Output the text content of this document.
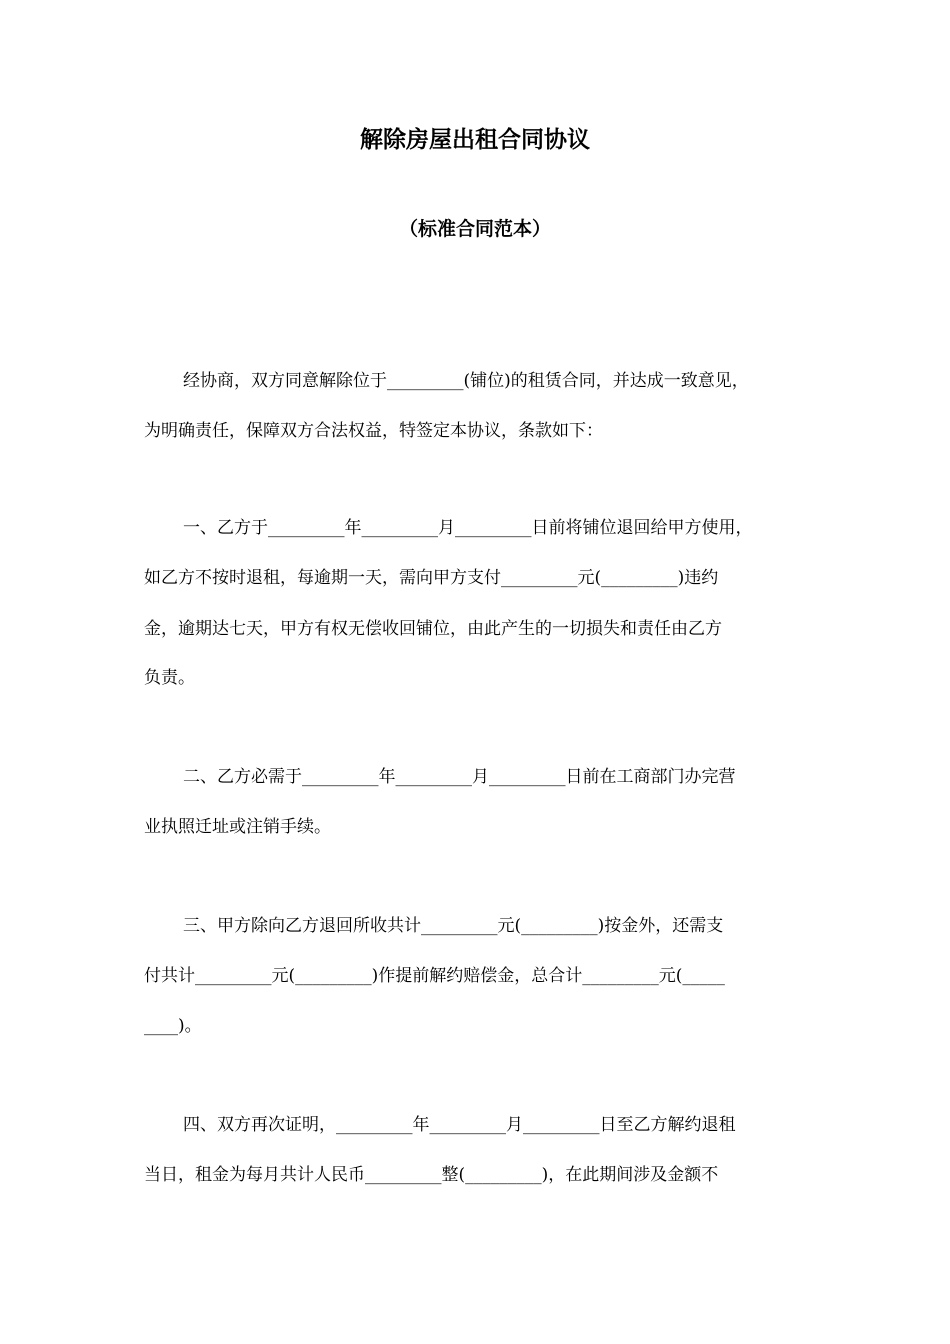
解除房屋出租合同协议
（标准合同范本）
经协商，双方同意解除位于_________(铺位)的租赁合同，并达成一致意见，
为明确责任，保障双方合法权益，特签定本协议，条款如下：
一、乙方于_________年_________月_________日前将铺位退回给甲方使用，
如乙方不按时退租，每逾期一天，需向甲方支付_________元(_________)违约
金，逾期达七天，甲方有权无偿收回铺位，由此产生的一切损失和责任由乙方
负责。
二、乙方必需于_________年_________月_________日前在工商部门办完营
业执照迁址或注销手续。
三、甲方除向乙方退回所收共计_________元(_________)按金外，还需支
付共计_________元(_________)作提前解约赔偿金，总合计_________元(_____
____)。
四、双方再次证明，_________年_________月_________日至乙方解约退租
当日，租金为每月共计人民币_________整(_________)，在此期间涉及金额不
